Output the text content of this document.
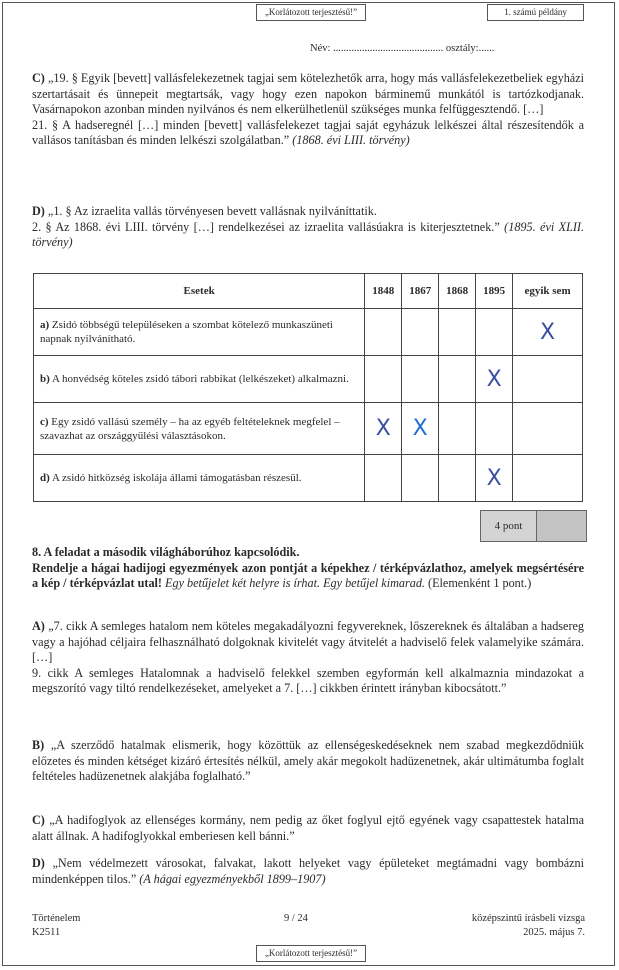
„Korlátozott terjesztésű!”	1. számú példány
Név: .......................................... osztály:......

C) „19. § Egyik [bevett] vallásfelekezetnek tagjai sem kötelezhetők arra, hogy más vallásfelekezetbeliek egyházi szertartásait és ünnepeit megtartsák, vagy hogy ezen napokon bárminemű munkától is tartózkodjanak. Vasárnapokon azonban minden nyilvános és nem elkerülhetlenül szükséges munka felfüggesztendő. […]

21. § A hadseregnél […] minden [bevett] vallásfelekezet tagjai saját egyházuk lelkészei által részesítendők a vallásos tanításban és minden lelkészi szolgálatban.” (1868. évi LIII. törvény)

D) „1. § Az izraelita vallás törvényesen bevett vallásnak nyilváníttatik.

2. § Az 1868. évi LIII. törvény […] rendelkezései az izraelita vallásúakra is kiterjesztetnek.” (1895. évi XLII. törvény)

Esetek	1848	1867	1868	1895	egyik sem
a) Zsidó többségű településeken a szombat kötelező munkaszüneti napnak nyilvánítható.					X
b) A honvédség köteles zsidó tábori rabbikat (lelkészeket) alkalmazni.				X	
c) Egy zsidó vallású személy – ha az egyéb feltételeknek megfelel – szavazhat az országgyűlési választásokon.	X	X			
d) A zsidó hitközség iskolája állami támogatásban részesül.				X	
4 pont

8. A feladat a második világháborúhoz kapcsolódik.

Rendelje a hágai hadijogi egyezmények azon pontját a képekhez / térképvázlathoz, amelyek megsértésére a kép / térképvázlat utal! Egy betűjelet két helyre is írhat. Egy betűjel kimarad. (Elemenként 1 pont.)

A) „7. cikk A semleges hatalom nem köteles megakadályozni fegyvereknek, lőszereknek és általában a hadsereg vagy a hajóhad céljaira felhasználható dolgoknak kivitelét vagy átvitelét a hadviselő felek valamelyike számára. […]

9. cikk A semleges Hatalomnak a hadviselő felekkel szemben egyformán kell alkalmaznia mindazokat a megszorító vagy tiltó rendelkezéseket, amelyeket a 7. […] cikkben érintett irányban kibocsátott.”

B) „A szerződő hatalmak elismerik, hogy közöttük az ellenségeskedéseknek nem szabad megkezdődniük előzetes és minden kétséget kizáró értesítés nélkül, amely akár megokolt hadüzenetnek, akár ultimátumba foglalt feltételes hadüzenetnek alakjába foglalható.”

C) „A hadifoglyok az ellenséges kormány, nem pedig az őket foglyul ejtő egyének vagy csapattestek hatalma alatt állnak. A hadifoglyokkal emberiesen kell bánni.”

D) „Nem védelmezett városokat, falvakat, lakott helyeket vagy épületeket megtámadni vagy bombázni mindenképpen tilos.” (A hágai egyezményekből 1899–1907)

Történelem
K2511
9 / 24	középszintű írásbeli vizsga
2025. május 7.
„Korlátozott terjesztésű!”
